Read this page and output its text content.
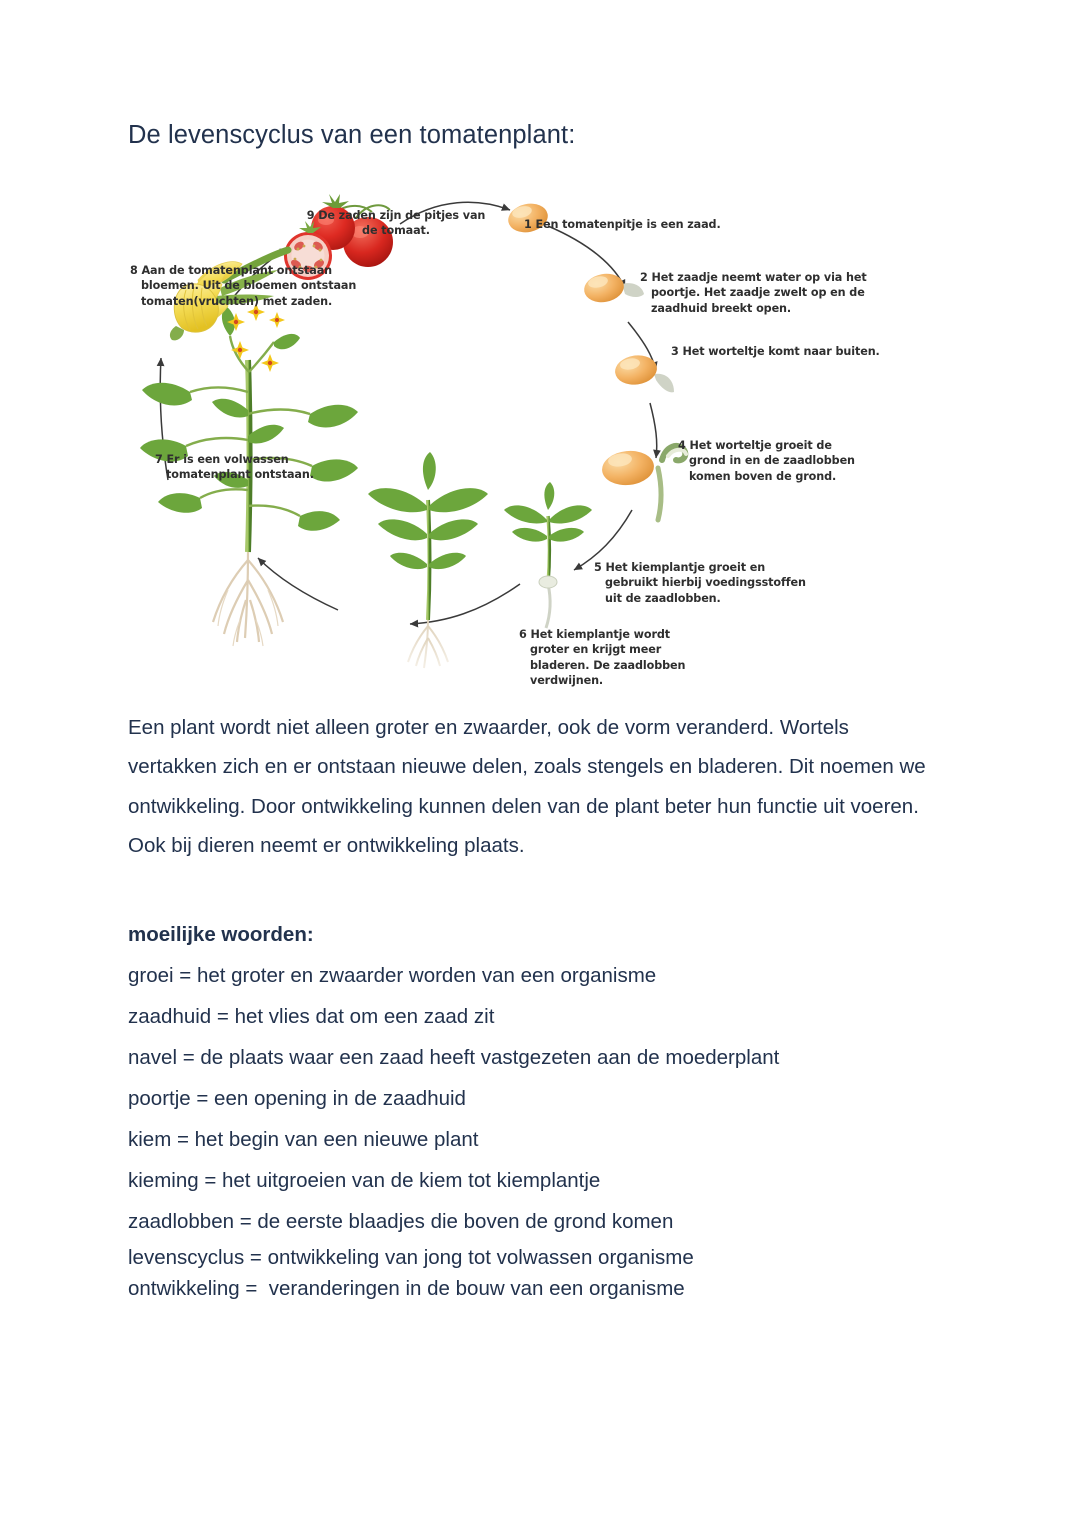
De levenscyclus van een tomatenplant:
9 De zaden zijn de pitjes van de tomaat.	1 Een tomatenpitje is een zaad.
2 Het zaadje neemt water op via het poortje. Het zaadje zwelt op en de zaadhuid breekt open.
3 Het worteltje komt naar buiten.
4 Het worteltje groeit de grond in en de zaadlobben komen boven de grond.
5 Het kiemplantje groeit en gebruikt hierbij voedingsstoffen uit de zaadlobben.
6 Het kiemplantje wordt groter en krijgt meer bladeren. De zaadlobben verdwijnen.
7 Er is een volwassen tomatenplant ontstaan.
8 Aan de tomatenplant ontstaan bloemen. Uit de bloemen ontstaan tomaten(vruchten) met zaden.

Een plant wordt niet alleen groter en zwaarder, ook de vorm veranderd. Wortels vertakken zich en er ontstaan nieuwe delen, zoals stengels en bladeren. Dit noemen we ontwikkeling. Door ontwikkeling kunnen delen van de plant beter hun functie uit voeren. Ook bij dieren neemt er ontwikkeling plaats.

moeilijke woorden:

groei = het groter en zwaarder worden van een organisme

zaadhuid = het vlies dat om een zaad zit

navel = de plaats waar een zaad heeft vastgezeten aan de moederplant

poortje = een opening in de zaadhuid

kiem = het begin van een nieuwe plant

kieming = het uitgroeien van de kiem tot kiemplantje

zaadlobben = de eerste blaadjes die boven de grond komen

levenscyclus = ontwikkeling van jong tot volwassen organisme

ontwikkeling =  veranderingen in de bouw van een organisme
